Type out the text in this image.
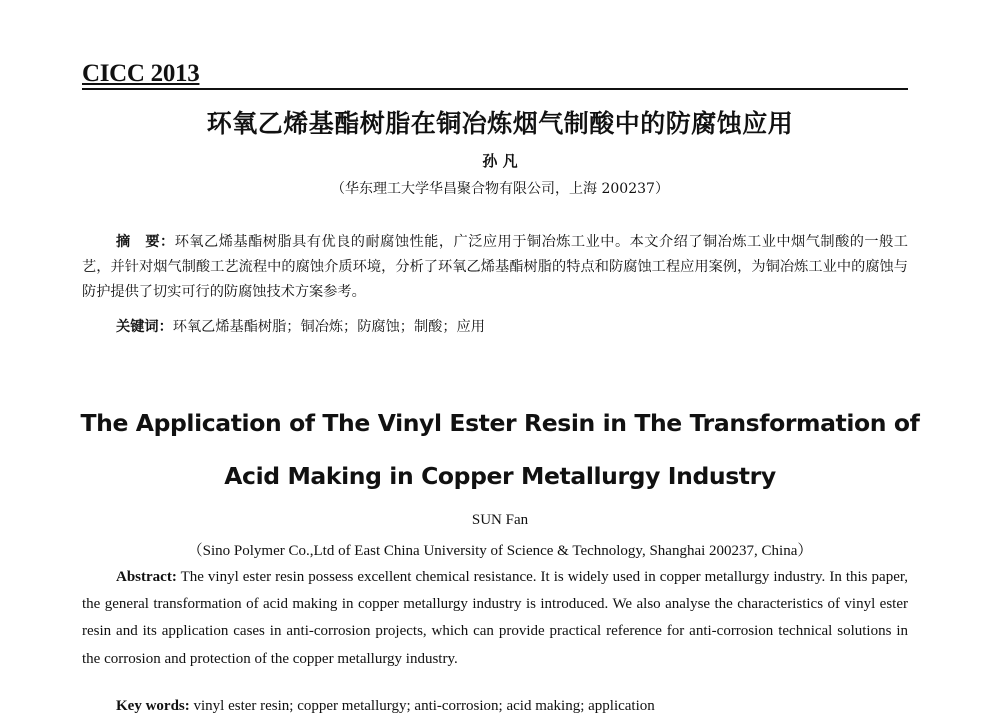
CICC 2013
环氧乙烯基酯树脂在铜冶炼烟气制酸中的防腐蚀应用
孙 凡
（华东理工大学华昌聚合物有限公司，上海 200237）

摘　要：环氧乙烯基酯树脂具有优良的耐腐蚀性能，广泛应用于铜冶炼工业中。本文介绍了铜冶炼工业中烟气制酸的一般工艺，并针对烟气制酸工艺流程中的腐蚀介质环境，分析了环氧乙烯基酯树脂的特点和防腐蚀工程应用案例，为铜冶炼工业中的腐蚀与防护提供了切实可行的防腐蚀技术方案参考。

关键词：环氧乙烯基酯树脂；铜冶炼；防腐蚀；制酸；应用

The Application of The Vinyl Ester Resin in The Transformation of
Acid Making in Copper Metallurgy Industry
SUN Fan
（Sino Polymer Co.,Ltd of East China University of Science & Technology, Shanghai 200237, China）

Abstract: The vinyl ester resin possess excellent chemical resistance. It is widely used in copper metallurgy industry. In this paper, the general transformation of acid making in copper metallurgy industry is introduced. We also analyse the characteristics of vinyl ester resin and its application cases in anti-corrosion projects, which can provide practical reference for anti-corrosion technical solutions in the corrosion and protection of the copper metallurgy industry.

Key words: vinyl ester resin; copper metallurgy; anti-corrosion; acid making; application
